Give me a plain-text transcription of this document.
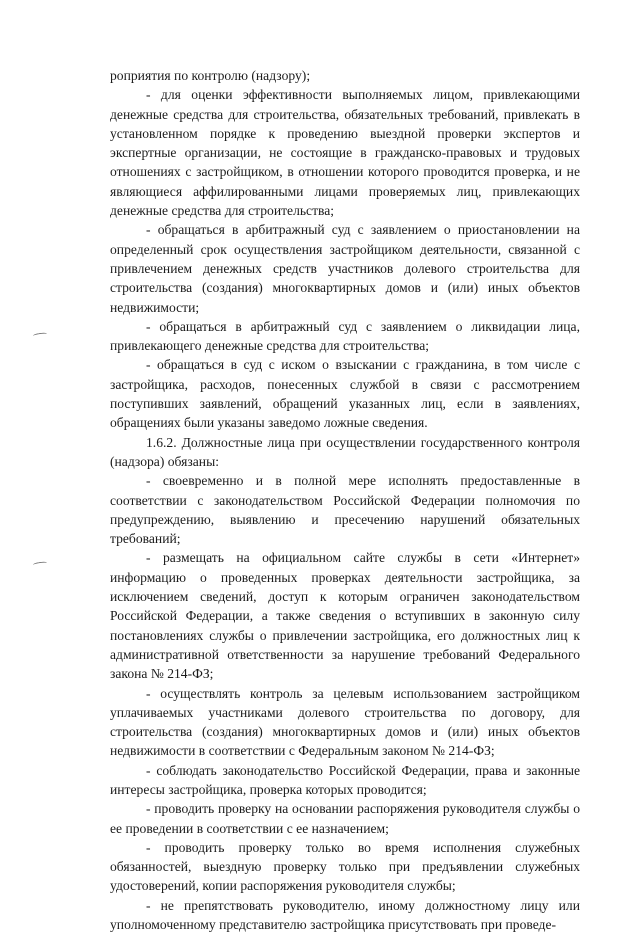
роприятия по контролю (надзору);

- для оценки эффективности выполняемых лицом, привлекающими денежные средства для строительства, обязательных требований, привлекать в установленном порядке к проведению выездной проверки экспертов и экспертные организации, не состоящие в гражданско-правовых и трудовых отношениях с застройщиком, в отношении которого проводится проверка, и не являющиеся аффилированными лицами проверяемых лиц, привлекающих денежные средства для строительства;

- обращаться в арбитражный суд с заявлением о приостановлении на определенный срок осуществления застройщиком деятельности, связанной с привлечением денежных средств участников долевого строительства для строительства (создания) многоквартирных домов и (или) иных объектов недвижимости;

- обращаться в арбитражный суд с заявлением о ликвидации лица, привлекающего денежные средства для строительства;

- обращаться в суд с иском о взыскании с гражданина, в том числе с застройщика, расходов, понесенных службой в связи с рассмотрением поступивших заявлений, обращений указанных лиц, если в заявлениях, обращениях были указаны заведомо ложные сведения.

1.6.2. Должностные лица при осуществлении государственного контроля (надзора) обязаны:

- своевременно и в полной мере исполнять предоставленные в соответствии с законодательством Российской Федерации полномочия по предупреждению, выявлению и пресечению нарушений обязательных требований;

- размещать на официальном сайте службы в сети «Интернет» информацию о проведенных проверках деятельности застройщика, за исключением сведений, доступ к которым ограничен законодательством Российской Федерации, а также сведения о вступивших в законную силу постановлениях службы о привлечении застройщика, его должностных лиц к административной ответственности за нарушение требований Федерального закона № 214-ФЗ;

- осуществлять контроль за целевым использованием застройщиком уплачиваемых участниками долевого строительства по договору, для строительства (создания) многоквартирных домов и (или) иных объектов недвижимости в соответствии с Федеральным законом № 214-ФЗ;

- соблюдать законодательство Российской Федерации, права и законные интересы застройщика, проверка которых проводится;

- проводить проверку на основании распоряжения руководителя службы о ее проведении в соответствии с ее назначением;

- проводить проверку только во время исполнения служебных обязанностей, выездную проверку только при предъявлении служебных удостоверений, копии распоряжения руководителя службы;

- не препятствовать руководителю, иному должностному лицу или уполномоченному представителю застройщика присутствовать при проведе-
